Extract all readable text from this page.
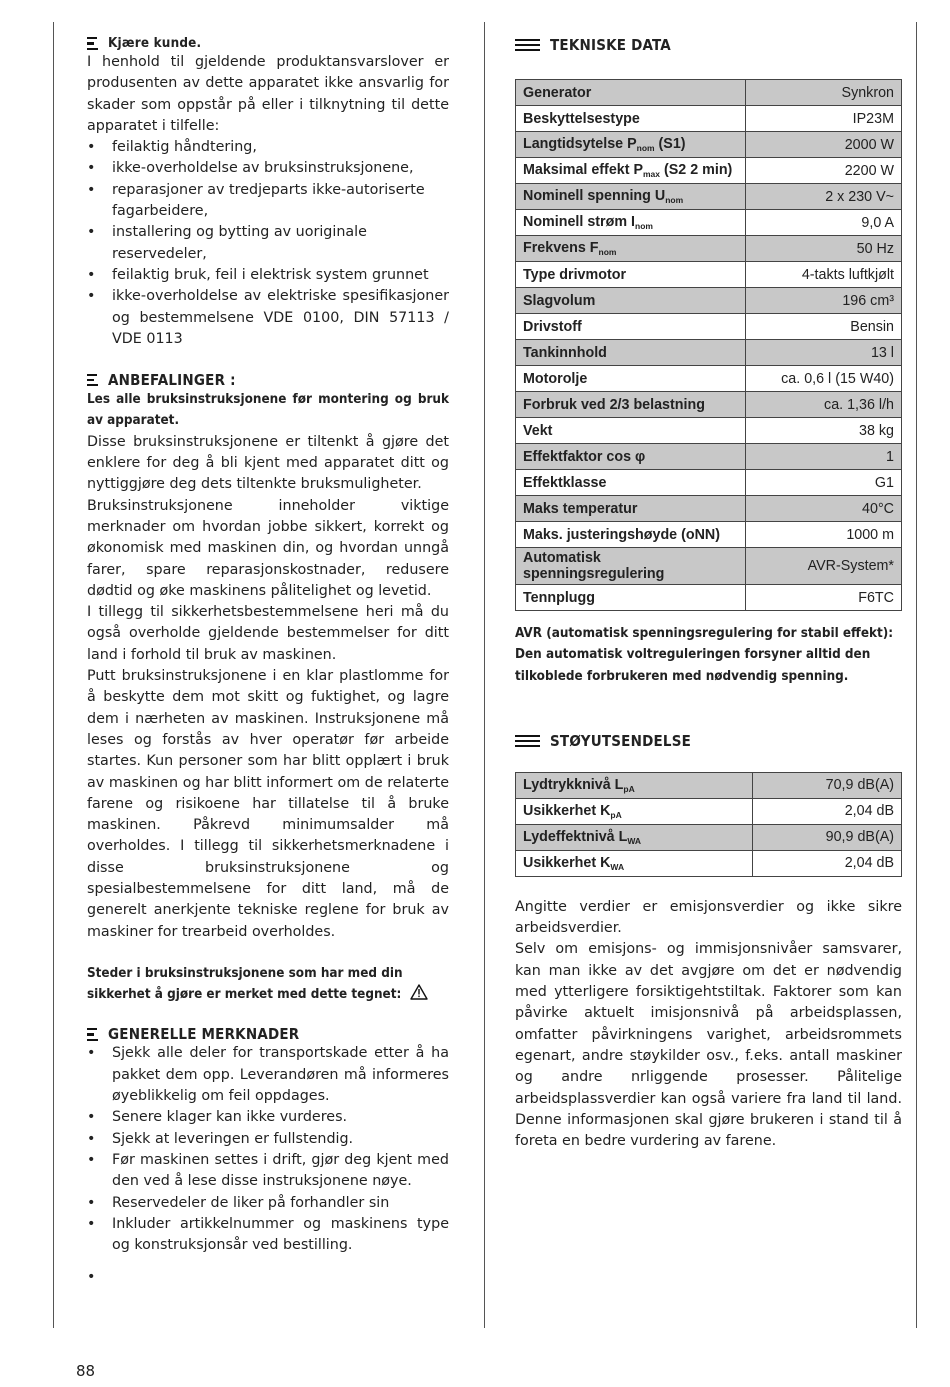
Kjære kunde.

I henhold til gjeldende produktansvarslover er produsenten av dette apparatet ikke ansvarlig for skader som oppstår på eller i tilknytning til dette apparatet i tilfelle:

• feilaktig håndtering,
• ikke-overholdelse av bruksinstruksjonene,
• reparasjoner av tredjeparts ikke-autoriserte fagarbeidere,
• installering og bytting av uoriginale reservedeler,
• feilaktig bruk, feil i elektrisk system grunnet
• ikke-overholdelse av elektriske spesifikasjoner og bestemmelsene VDE 0100, DIN 57113 / VDE 0113
ANBEFALINGER :

Les alle bruksinstruksjonene før montering og bruk av apparatet.

Disse bruksinstruksjonene er tiltenkt å gjøre det enklere for deg å bli kjent med apparatet ditt og nyttiggjøre deg dets tiltenkte bruksmuligheter.

Bruksinstruksjonene inneholder viktige merknader om hvordan jobbe sikkert, korrekt og økonomisk med maskinen din, og hvordan unngå farer, spare reparasjonskostnader, redusere dødtid og øke maskinens pålitelighet og levetid.

I tillegg til sikkerhetsbestemmelsene heri må du også overholde gjeldende bestemmelser for ditt land i forhold til bruk av maskinen.

Putt bruksinstruksjonene i en klar plastlomme for å beskytte dem mot skitt og fuktighet, og lagre dem i nærheten av maskinen. Instruksjonene må leses og forstås av hver operatør før arbeide startes. Kun personer som har blitt opplært i bruk av maskinen og har blitt informert om de relaterte farene og risikoene har tillatelse til å bruke maskinen. Påkrevd minimumsalder må overholdes. I tillegg til sikkerhetsmerknadene i disse bruksinstruksjonene og spesialbestemmelsene for ditt land, må de generelt anerkjente tekniske reglene for bruk av maskiner for trearbeid overholdes.

Steder i bruksinstruksjonene som har med din sikkerhet å gjøre er merket med dette tegnet:

GENERELLE MERKNADER
• Sjekk alle deler for transportskade etter å ha pakket dem opp. Leverandøren må informeres øyeblikkelig om feil oppdages.
• Senere klager kan ikke vurderes.
• Sjekk at leveringen er fullstendig.
• Før maskinen settes i drift, gjør deg kjent med den ved å lese disse instruksjonene nøye.
• Reservedeler de liker på forhandler sin
• Inkluder artikkelnummer og maskinens type og konstruksjonsår ved bestilling.
•
TEKNISKE DATA
Generator	Synkron
Beskyttelsestype	IP23M
Langtidsytelse $P_{nom}$ (S1)	2000 W
Maksimal effekt $P_{max}$ (S2 2 min)	2200 W
Nominell spenning $U_{nom}$	2 x 230 V~
Nominell strøm $I_{nom}$	9,0 A
Frekvens $F_{nom}$	50 Hz
Type drivmotor	4-takts luftkjølt
Slagvolum	196 cm³
Drivstoff	Bensin
Tankinnhold	13 l
Motorolje	ca. 0,6 l (15 W40)
Forbruk ved 2/3 belastning	ca. 1,36 l/h
Vekt	38 kg
Effektfaktor cos φ	1
Effektklasse	G1
Maks temperatur	40°C
Maks. justeringshøyde (oNN)	1000 m
Automatisk spenningsregulering	AVR-System*
Tennplugg	F6TC

AVR (automatisk spenningsregulering for stabil effekt): Den automatisk voltreguleringen forsyner alltid den tilkoblede forbrukeren med nødvendig spenning.

STØYUTSENDELSE
Lydtrykknivå $L_{pA}$	70,9 dB(A)
Usikkerhet $K_{pA}$	2,04 dB
Lydeffektnivå $L_{WA}$	90,9 dB(A)
Usikkerhet $K_{WA}$	2,04 dB

Angitte verdier er emisjonsverdier og ikke sikre arbeidsverdier.

Selv om emisjons- og immisjonsnivåer samsvarer, kan man ikke av det avgjøre om det er nødvendig med ytterligere forsiktigehtstiltak. Faktorer som kan påvirke aktuelt imisjonsnivå på arbeidsplassen, omfatter påvirkningens varighet, arbeidsrommets egenart, andre støykilder osv., f.eks. antall maskiner og andre nrliggende prosesser. Pålitelige arbeidsplassverdier kan også variere fra land til land. Denne informasjonen skal gjøre brukeren i stand til å foreta en bedre vurdering av farene.

88
